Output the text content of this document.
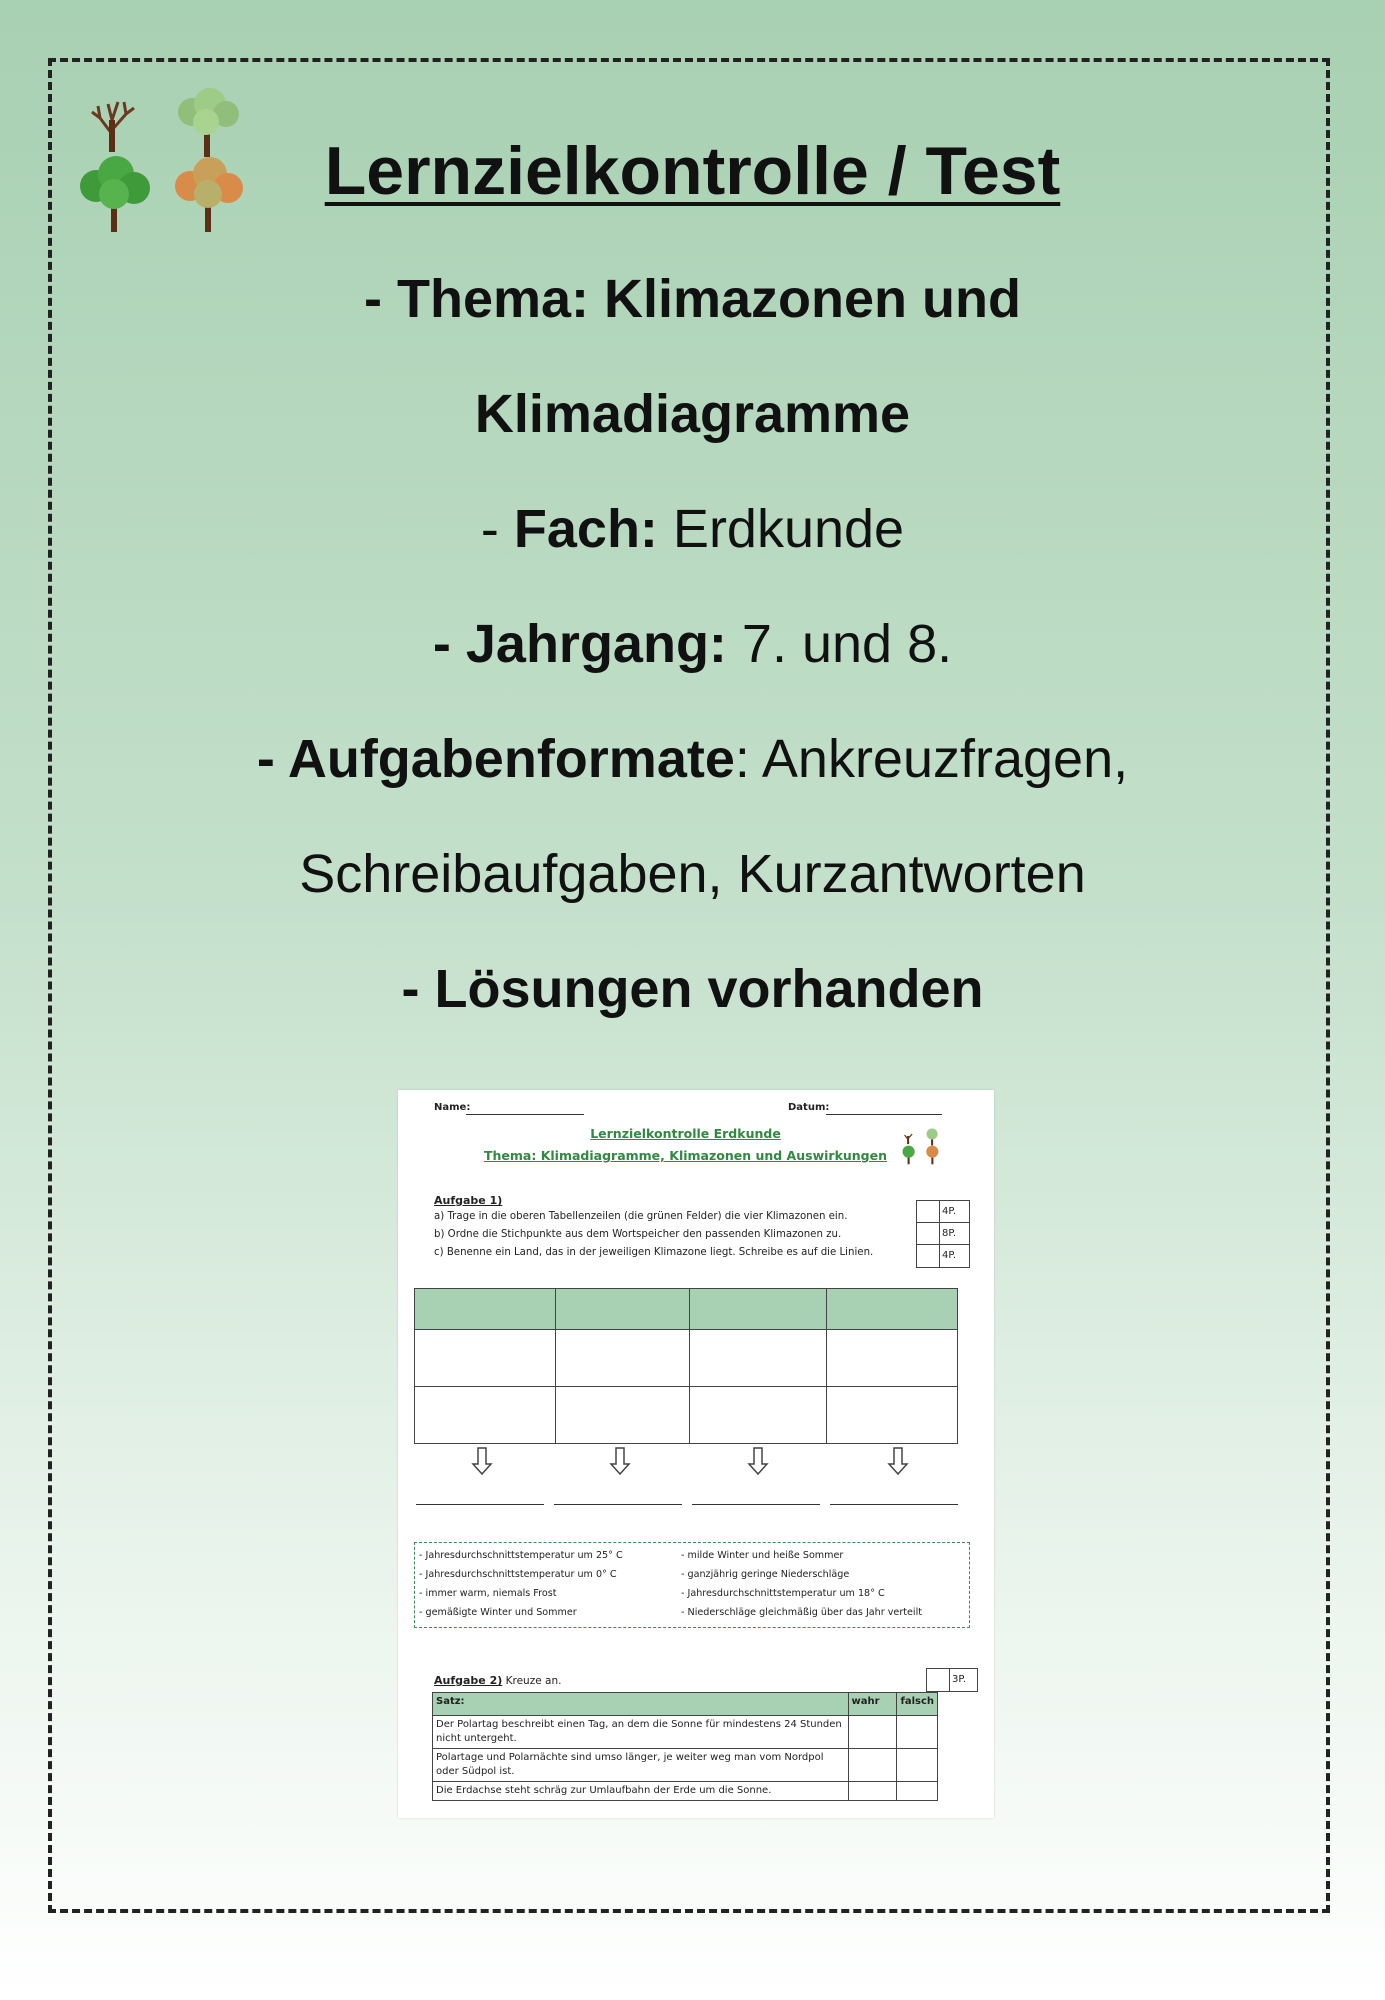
Lernzielkontrolle / Test
- Thema: Klimazonen und
Klimadiagramme
- Fach: Erdkunde
- Jahrgang: 7. und 8.
- Aufgabenformate: Ankreuzfragen,
Schreibaufgaben, Kurzantworten
- Lösungen vorhanden
Name:	Datum:
Lernzielkontrolle Erdkunde
Thema: Klimadiagramme, Klimazonen und Auswirkungen
Aufgabe 1)
a) Trage in die oberen Tabellenzeilen (die grünen Felder) die vier Klimazonen ein.
b) Ordne die Stichpunkte aus dem Wortspeicher den passenden Klimazonen zu.
c) Benenne ein Land, das in der jeweiligen Klimazone liegt. Schreibe es auf die Linien.
4P.
8P.
4P.

- Jahresdurchschnittstemperatur um 25° C
- Jahresdurchschnittstemperatur um 0° C
- immer warm, niemals Frost
- gemäßigte Winter und Sommer
- milde Winter und heiße Sommer
- ganzjährig geringe Niederschläge
- Jahresdurchschnittstemperatur um 18° C
- Niederschläge gleichmäßig über das Jahr verteilt
Aufgabe 2) Kreuze an.	3P.
Satz:	wahr	falsch
Der Polartag beschreibt einen Tag, an dem die Sonne für mindestens 24 Stunden nicht untergeht.		
Polartage und Polarnächte sind umso länger, je weiter weg man vom Nordpol oder Südpol ist.		
Die Erdachse steht schräg zur Umlaufbahn der Erde um die Sonne.		
